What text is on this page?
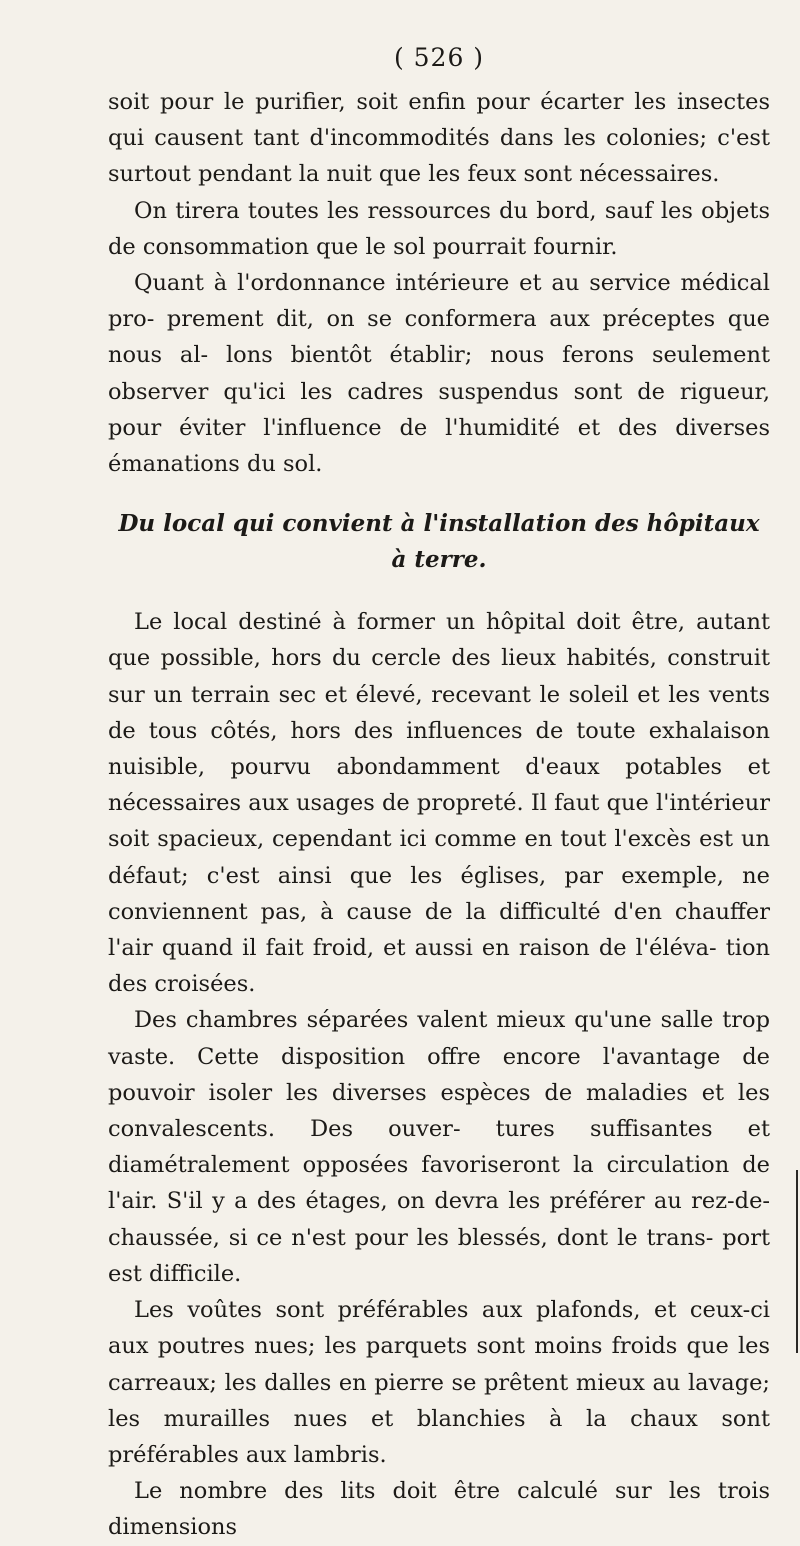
( 526 )

soit pour le purifier, soit enfin pour écarter les insectes qui causent tant d'incommodités dans les colonies; c'est surtout pendant la nuit que les feux sont nécessaires.

On tirera toutes les ressources du bord, sauf les objets de consommation que le sol pourrait fournir.

Quant à l'ordonnance intérieure et au service médical pro- prement dit, on se conformera aux préceptes que nous al- lons bientôt établir; nous ferons seulement observer qu'ici les cadres suspendus sont de rigueur, pour éviter l'influence de l'humidité et des diverses émanations du sol.

Du local qui convient à l'installation des hôpitaux à terre.

Le local destiné à former un hôpital doit être, autant que possible, hors du cercle des lieux habités, construit sur un terrain sec et élevé, recevant le soleil et les vents de tous côtés, hors des influences de toute exhalaison nuisible, pourvu abondamment d'eaux potables et nécessaires aux usages de propreté. Il faut que l'intérieur soit spacieux, cependant ici comme en tout l'excès est un défaut; c'est ainsi que les églises, par exemple, ne conviennent pas, à cause de la difficulté d'en chauffer l'air quand il fait froid, et aussi en raison de l'éléva- tion des croisées.

Des chambres séparées valent mieux qu'une salle trop vaste. Cette disposition offre encore l'avantage de pouvoir isoler les diverses espèces de maladies et les convalescents. Des ouver- tures suffisantes et diamétralement opposées favoriseront la circulation de l'air. S'il y a des étages, on devra les préférer au rez-de-chaussée, si ce n'est pour les blessés, dont le trans- port est difficile.

Les voûtes sont préférables aux plafonds, et ceux-ci aux poutres nues; les parquets sont moins froids que les carreaux; les dalles en pierre se prêtent mieux au lavage; les murailles nues et blanchies à la chaux sont préférables aux lambris.

Le nombre des lits doit être calculé sur les trois dimensions
